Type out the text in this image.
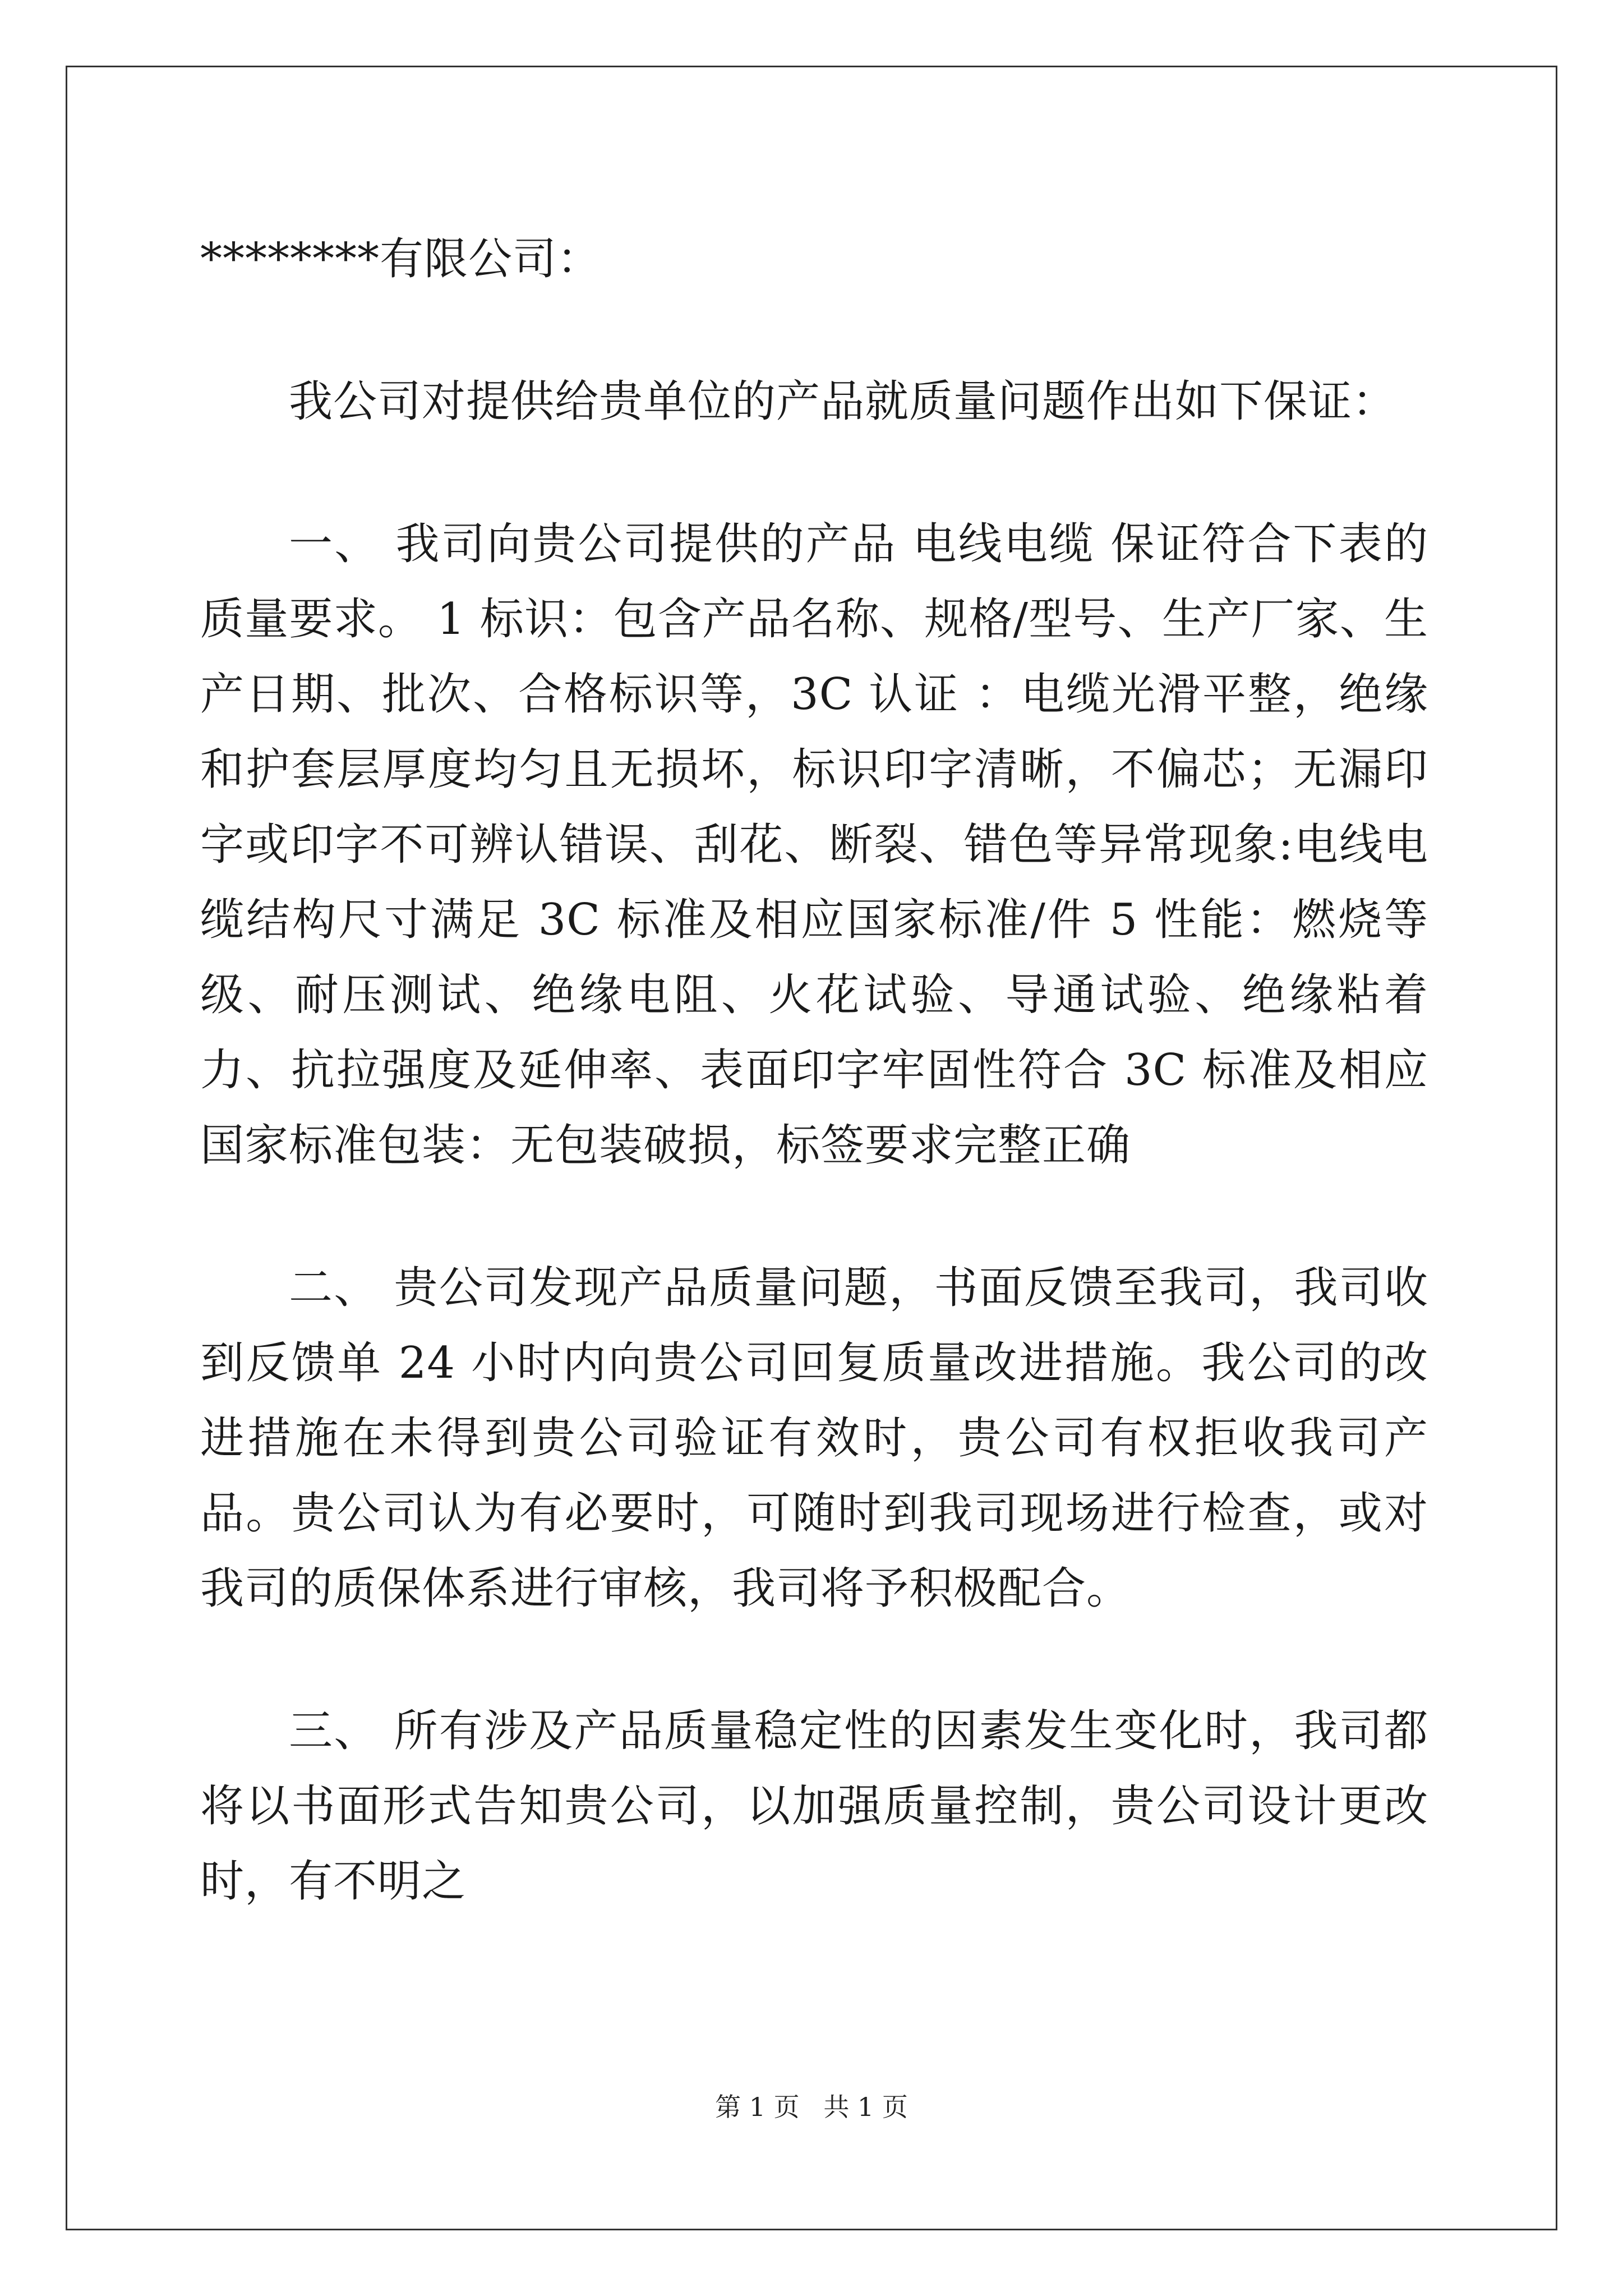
********有限公司：

我公司对提供给贵单位的产品就质量问题作出如下保证：

一、 我司向贵公司提供的产品 电线电缆 保证符合下表的质量要求。 1 标识：包含产品名称、规格/型号、生产厂家、生产日期、批次、合格标识等，3C 认证 ：电缆光滑平整，绝缘和护套层厚度均匀且无损坏，标识印字清晰，不偏芯；无漏印字或印字不可辨认错误、刮花、断裂、错色等异常现象:电线电缆结构尺寸满足 3C 标准及相应国家标准/件 5 性能：燃烧等级、耐压测试、绝缘电阻、火花试验、导通试验、绝缘粘着力、抗拉强度及延伸率、表面印字牢固性符合 3C 标准及相应国家标准包装：无包装破损，标签要求完整正确

二、 贵公司发现产品质量问题，书面反馈至我司，我司收到反馈单 24 小时内向贵公司回复质量改进措施。我公司的改进措施在未得到贵公司验证有效时，贵公司有权拒收我司产品。贵公司认为有必要时，可随时到我司现场进行检查，或对我司的质保体系进行审核，我司将予积极配合。

三、 所有涉及产品质量稳定性的因素发生变化时，我司都将以书面形式告知贵公司，以加强质量控制，贵公司设计更改时，有不明之

第 1 页 共 1 页
